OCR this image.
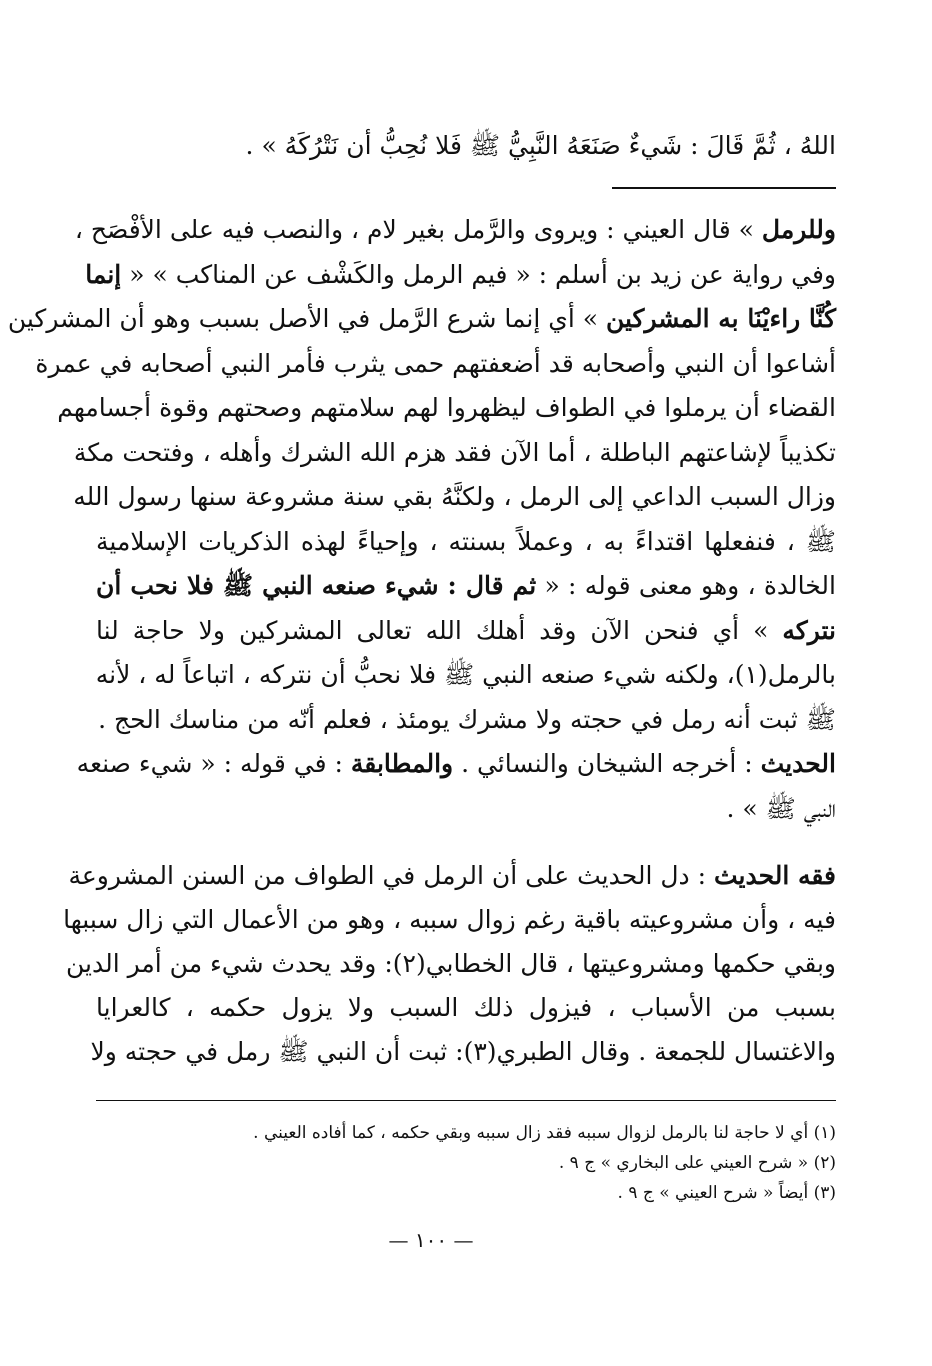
اللهُ ، ثُمَّ قَالَ : شَيءٌ صَنَعَهُ النَّبِيُّ ﷺ فَلا نُحِبُّ أن نَتْرُكَهُ » .
وللرمل » قال العيني : ويروى والرَّمل بغير لام ، والنصب فيه على الأفْصَح ،
وفي رواية عن زيد بن أسلم : « فيم الرمل والكَشْف عن المناكب » « إنما
كُنَّا راءيْنَا به المشركين » أي إنما شرع الرَّمل في الأصل بسبب وهو أن المشركين
أشاعوا أن النبي وأصحابه قد أضعفتهم حمى يثرب فأمر النبي أصحابه في عمرة
القضاء أن يرملوا في الطواف ليظهروا لهم سلامتهم وصحتهم وقوة أجسامهم
تكذيباً لإشاعتهم الباطلة ، أما الآن فقد هزم الله الشرك وأهله ، وفتحت مكة
وزال السبب الداعي إلى الرمل ، ولكنَّهُ بقي سنة مشروعة سنها رسول الله
ﷺ ، فنفعلها اقتداءً به ، وعملاً بسنته ، وإحياءً لهذه الذكريات الإسلامية
الخالدة ، وهو معنى قوله : « ثم قال : شيء صنعه النبي ﷺ فلا نحب أن
نتركه » أي فنحن الآن وقد أهلك الله تعالى المشركين ولا حاجة لنا
بالرمل(١)، ولكنه شيء صنعه النبي ﷺ فلا نحبُّ أن نتركه ، اتباعاً له ، لأنه
ﷺ ثبت أنه رمل في حجته ولا مشرك يومئذ ، فعلم أنّه من مناسك الحج .
الحديث : أخرجه الشيخان والنسائي . والمطابقة : في قوله : « شيء صنعه
النبي ﷺ » .
فقه الحديث : دل الحديث على أن الرمل في الطواف من السنن المشروعة
فيه ، وأن مشروعيته باقية رغم زوال سببه ، وهو من الأعمال التي زال سببها
وبقي حكمها ومشروعيتها ، قال الخطابي(٢): وقد يحدث شيء من أمر الدين
بسبب من الأسباب ، فيزول ذلك السبب ولا يزول حكمه ، كالعرايا
والاغتسال للجمعة . وقال الطبري(٣): ثبت أن النبي ﷺ رمل في حجته ولا
(١) أي لا حاجة لنا بالرمل لزوال سببه فقد زال سببه وبقي حكمه ، كما أفاده العيني .
(٢) « شرح العيني على البخاري » ج ٩ .
(٣) أيضاً « شرح العيني » ج ٩ .
— ١٠٠ —
